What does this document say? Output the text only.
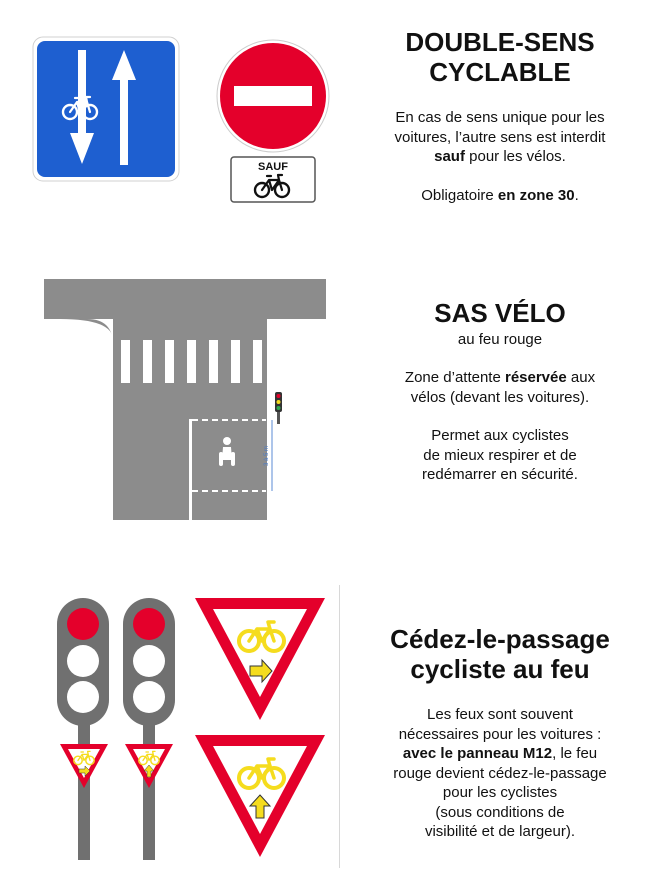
SAUF
3 à 5 m
DOUBLE-SENS
CYCLABLE
En cas de sens unique pour les
voitures, l’autre sens est interdit
sauf pour les vélos.
Obligatoire en zone 30.
SAS VÉLO
au feu rouge
Zone d’attente réservée aux
vélos (devant les voitures).
Permet aux cyclistes
de mieux respirer et de
redémarrer en sécurité.
Cédez-le-passage
cycliste au feu
Les feux sont souvent
nécessaires pour les voitures :
avec le panneau M12, le feu
rouge devient cédez-le-passage
pour les cyclistes
(sous conditions de
visibilité et de largeur).
